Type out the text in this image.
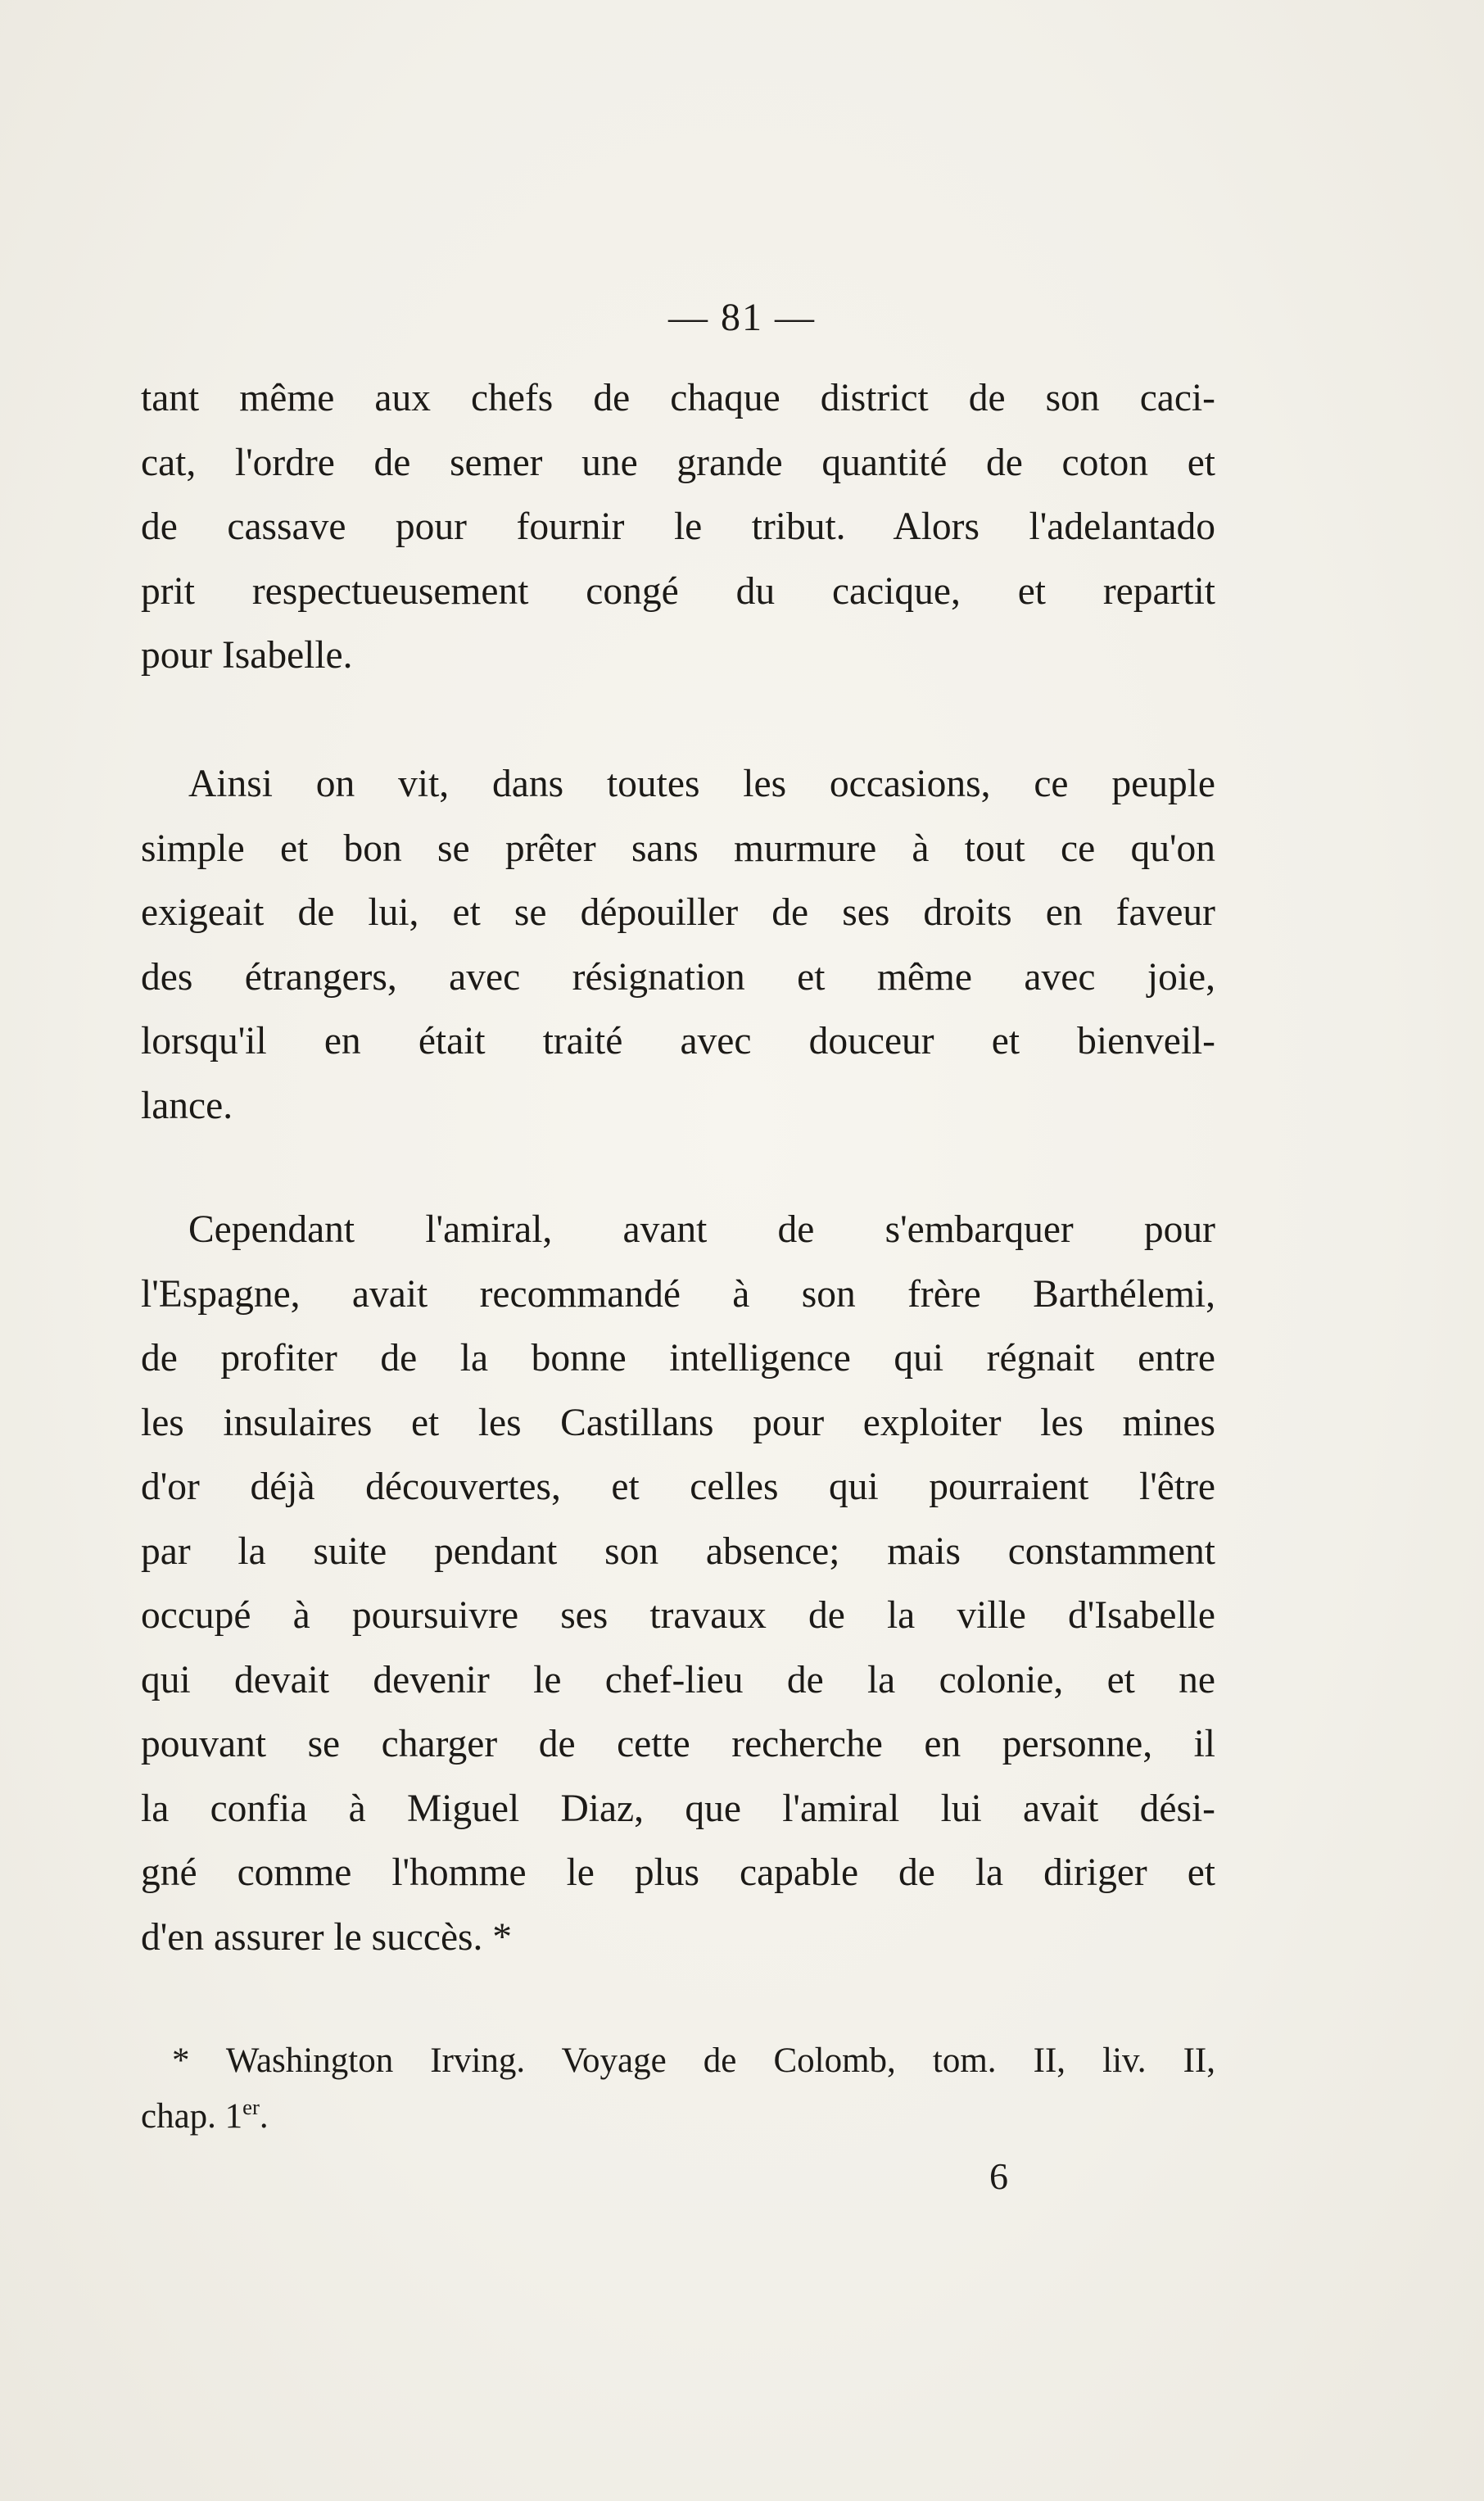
— 81 —
tant même aux chefs de chaque district de son caci-
cat, l'ordre de semer une grande quantité de coton et
de cassave pour fournir le tribut. Alors l'adelantado
prit respectueusement congé du cacique, et repartit
pour Isabelle.
Ainsi on vit, dans toutes les occasions, ce peuple
simple et bon se prêter sans murmure à tout ce qu'on
exigeait de lui, et se dépouiller de ses droits en faveur
des étrangers, avec résignation et même avec joie,
lorsqu'il en était traité avec douceur et bienveil-
lance.
Cependant l'amiral, avant de s'embarquer pour
l'Espagne, avait recommandé à son frère Barthélemi,
de profiter de la bonne intelligence qui régnait entre
les insulaires et les Castillans pour exploiter les mines
d'or déjà découvertes, et celles qui pourraient l'être
par la suite pendant son absence; mais constamment
occupé à poursuivre ses travaux de la ville d'Isabelle
qui devait devenir le chef-lieu de la colonie, et ne
pouvant se charger de cette recherche en personne, il
la confia à Miguel Diaz, que l'amiral lui avait dési-
gné comme l'homme le plus capable de la diriger et
d'en assurer le succès. *
* Washington Irving. Voyage de Colomb, tom. II, liv. II,
chap. 1er.
6
